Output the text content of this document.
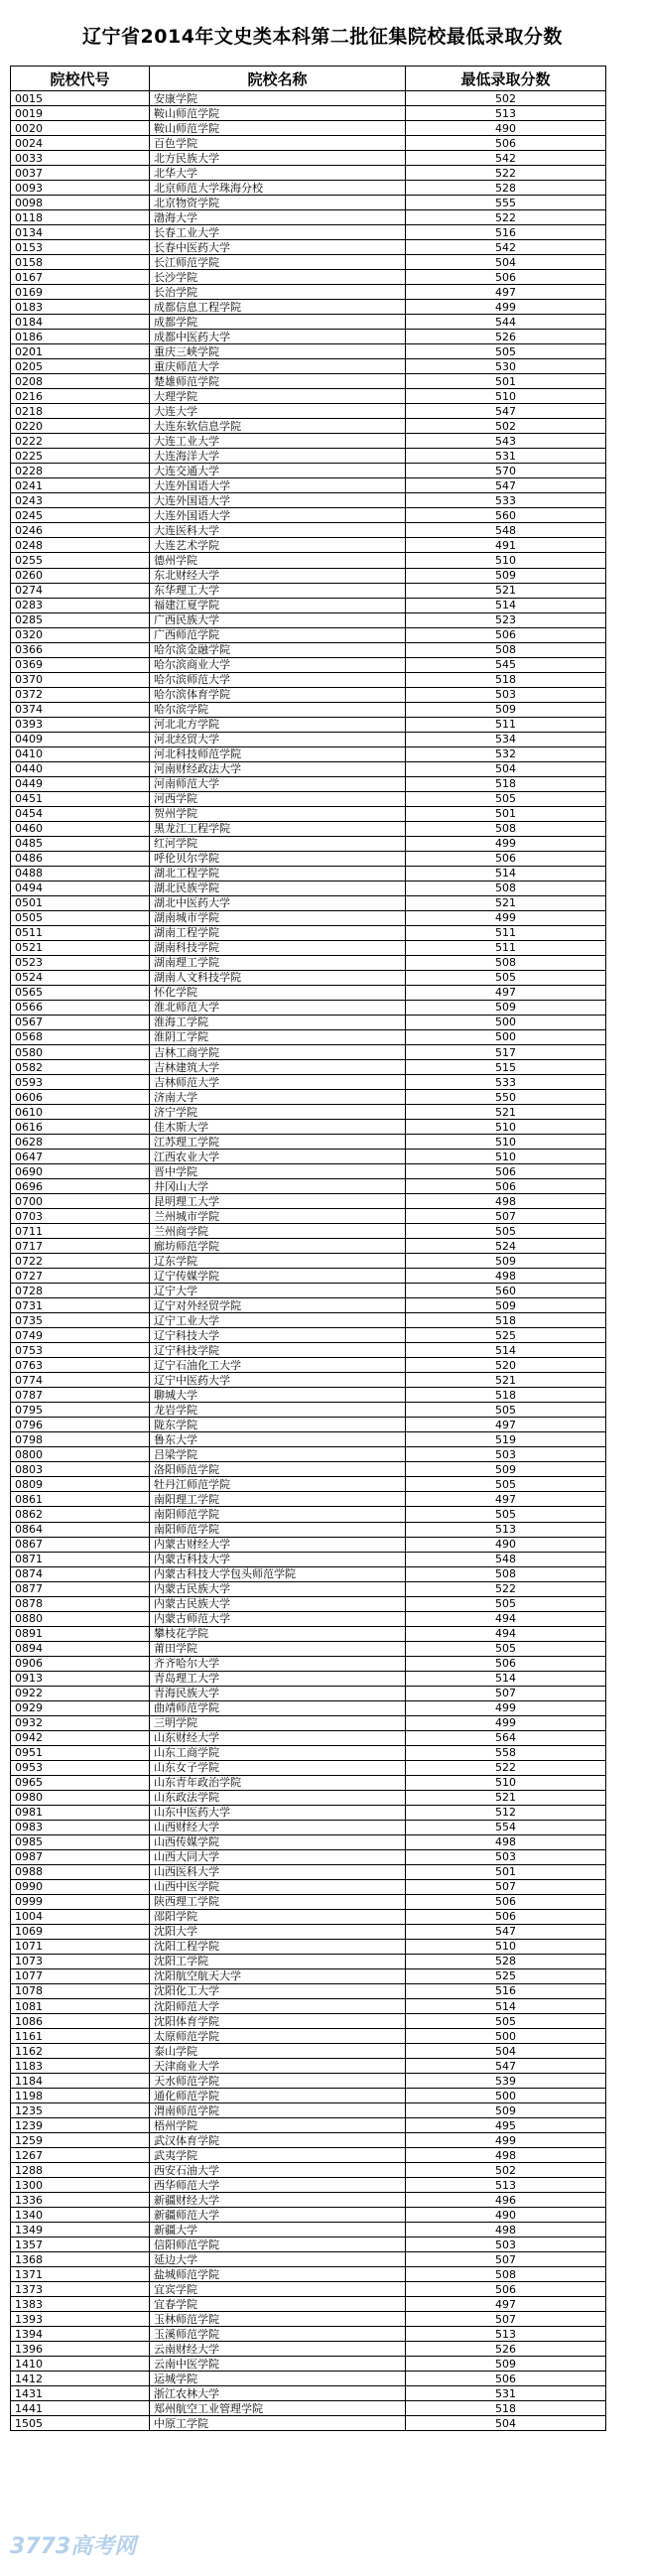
辽宁省2014年文史类本科第二批征集院校最低录取分数
院校代号	院校名称	最低录取分数
0015	安康学院	502
0019	鞍山师范学院	513
0020	鞍山师范学院	490
0024	百色学院	506
0033	北方民族大学	542
0037	北华大学	522
0093	北京师范大学珠海分校	528
0098	北京物资学院	555
0118	渤海大学	522
0134	长春工业大学	516
0153	长春中医药大学	542
0158	长江师范学院	504
0167	长沙学院	506
0169	长治学院	497
0183	成都信息工程学院	499
0184	成都学院	544
0186	成都中医药大学	526
0201	重庆三峡学院	505
0205	重庆师范大学	530
0208	楚雄师范学院	501
0216	大理学院	510
0218	大连大学	547
0220	大连东软信息学院	502
0222	大连工业大学	543
0225	大连海洋大学	531
0228	大连交通大学	570
0241	大连外国语大学	547
0243	大连外国语大学	533
0245	大连外国语大学	560
0246	大连医科大学	548
0248	大连艺术学院	491
0255	德州学院	510
0260	东北财经大学	509
0274	东华理工大学	521
0283	福建江夏学院	514
0285	广西民族大学	523
0320	广西师范学院	506
0366	哈尔滨金融学院	508
0369	哈尔滨商业大学	545
0370	哈尔滨师范大学	518
0372	哈尔滨体育学院	503
0374	哈尔滨学院	509
0393	河北北方学院	511
0409	河北经贸大学	534
0410	河北科技师范学院	532
0440	河南财经政法大学	504
0449	河南师范大学	518
0451	河西学院	505
0454	贺州学院	501
0460	黑龙江工程学院	508
0485	红河学院	499
0486	呼伦贝尔学院	506
0488	湖北工程学院	514
0494	湖北民族学院	508
0501	湖北中医药大学	521
0505	湖南城市学院	499
0511	湖南工程学院	511
0521	湖南科技学院	511
0523	湖南理工学院	508
0524	湖南人文科技学院	505
0565	怀化学院	497
0566	淮北师范大学	509
0567	淮海工学院	500
0568	淮阴工学院	500
0580	吉林工商学院	517
0582	吉林建筑大学	515
0593	吉林师范大学	533
0606	济南大学	550
0610	济宁学院	521
0616	佳木斯大学	510
0628	江苏理工学院	510
0647	江西农业大学	510
0690	晋中学院	506
0696	井冈山大学	506
0700	昆明理工大学	498
0703	兰州城市学院	507
0711	兰州商学院	505
0717	廊坊师范学院	524
0722	辽东学院	509
0727	辽宁传媒学院	498
0728	辽宁大学	560
0731	辽宁对外经贸学院	509
0735	辽宁工业大学	518
0749	辽宁科技大学	525
0753	辽宁科技学院	514
0763	辽宁石油化工大学	520
0774	辽宁中医药大学	521
0787	聊城大学	518
0795	龙岩学院	505
0796	陇东学院	497
0798	鲁东大学	519
0800	吕梁学院	503
0803	洛阳师范学院	509
0809	牡丹江师范学院	505
0861	南阳理工学院	497
0862	南阳师范学院	505
0864	南阳师范学院	513
0867	内蒙古财经大学	490
0871	内蒙古科技大学	548
0874	内蒙古科技大学包头师范学院	508
0877	内蒙古民族大学	522
0878	内蒙古民族大学	505
0880	内蒙古师范大学	494
0891	攀枝花学院	494
0894	莆田学院	505
0906	齐齐哈尔大学	506
0913	青岛理工大学	514
0922	青海民族大学	507
0929	曲靖师范学院	499
0932	三明学院	499
0942	山东财经大学	564
0951	山东工商学院	558
0953	山东女子学院	522
0965	山东青年政治学院	510
0980	山东政法学院	521
0981	山东中医药大学	512
0983	山西财经大学	554
0985	山西传媒学院	498
0987	山西大同大学	503
0988	山西医科大学	501
0990	山西中医学院	507
0999	陕西理工学院	506
1004	邵阳学院	506
1069	沈阳大学	547
1071	沈阳工程学院	510
1073	沈阳工学院	528
1077	沈阳航空航天大学	525
1078	沈阳化工大学	516
1081	沈阳师范大学	514
1086	沈阳体育学院	505
1161	太原师范学院	500
1162	泰山学院	504
1183	天津商业大学	547
1184	天水师范学院	539
1198	通化师范学院	500
1235	渭南师范学院	509
1239	梧州学院	495
1259	武汉体育学院	499
1267	武夷学院	498
1288	西安石油大学	502
1300	西华师范大学	513
1336	新疆财经大学	496
1340	新疆师范大学	490
1349	新疆大学	498
1357	信阳师范学院	503
1368	延边大学	507
1371	盐城师范学院	508
1373	宜宾学院	506
1383	宜春学院	497
1393	玉林师范学院	507
1394	玉溪师范学院	513
1396	云南财经大学	526
1410	云南中医学院	509
1412	运城学院	506
1431	浙江农林大学	531
1441	郑州航空工业管理学院	518
1505	中原工学院	504
3773高考网
